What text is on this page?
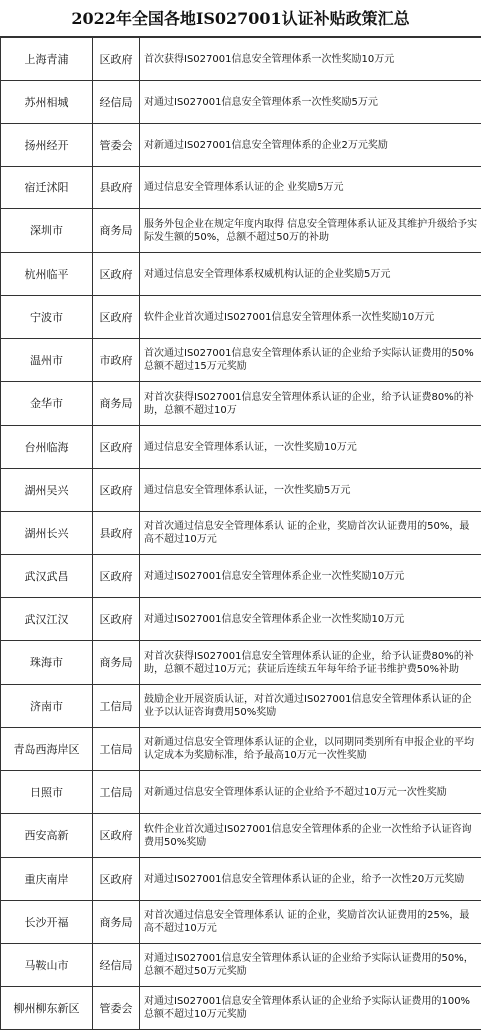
2022年全国各地IS027001认证补贴政策汇总
上海青浦	区政府	首次获得IS027001信息安全管理体系一次性奖励10万元
苏州相城	经信局	对通过IS027001信息安全管理体系一次性奖励5万元
扬州经开	管委会	对新通过IS027001信息安全管理体系的企业2万元奖励
宿迁沭阳	县政府	通过信息安全管理体系认证的企 业奖励5万元
深圳市	商务局	服务外包企业在规定年度内取得 信息安全管理体系认证及其维护升级给予实际发生额的50%，总额不超过50万的补助
杭州临平	区政府	对通过信息安全管理体系权威机构认证的企业奖励5万元
宁波市	区政府	软件企业首次通过IS027001信息安全管理体系一次性奖励10万元
温州市	市政府	首次通过IS027001信息安全管理体系认证的企业给予实际认证费用的50%总额不超过15万元奖励
金华市	商务局	对首次获得IS027001信息安全管理体系认证的企业，给予认证费80%的补助，总额不超过10万
台州临海	区政府	通过信息安全管理体系认证，一次性奖励10万元
湖州吴兴	区政府	通过信息安全管理体系认证，一次性奖励5万元
湖州长兴	县政府	对首次通过信息安全管理体系认 证的企业，奖励首次认证费用的50%，最高不超过10万元
武汉武昌	区政府	对通过IS027001信息安全管理体系企业一次性奖励10万元
武汉江汉	区政府	对通过IS027001信息安全管理体系企业一次性奖励10万元
珠海市	商务局	对首次获得IS027001信息安全管理体系认证的企业，给予认证费80%的补助，总额不超过10万元；获证后连续五年每年给予证书维护费50%补助
济南市	工信局	鼓励企业开展资质认证，对首次通过IS027001信息安全管理体系认证的企业予以认证咨询费用50%奖励
青岛西海岸区	工信局	对新通过信息安全管理体系认证的企业，以同期同类别所有申报企业的平均认定成本为奖励标准，给予最高10万元一次性奖励
日照市	工信局	对新通过信息安全管理体系认证的企业给予不超过10万元一次性奖励
西安高新	区政府	软件企业首次通过IS027001信息安全管理体系的企业一次性给予认证咨询费用50%奖励
重庆南岸	区政府	对通过IS027001信息安全管理体系认证的企业，给予一次性20万元奖励
长沙开福	商务局	对首次通过信息安全管理体系认 证的企业，奖励首次认证费用的25%，最高不超过10万元
马鞍山市	经信局	对通过IS027001信息安全管理体系认证的企业给予实际认证费用的50%，总额不超过50万元奖励
柳州柳东新区	管委会	对通过IS027001信息安全管理体系认证的企业给予实际认证费用的100%总额不超过10万元奖励
